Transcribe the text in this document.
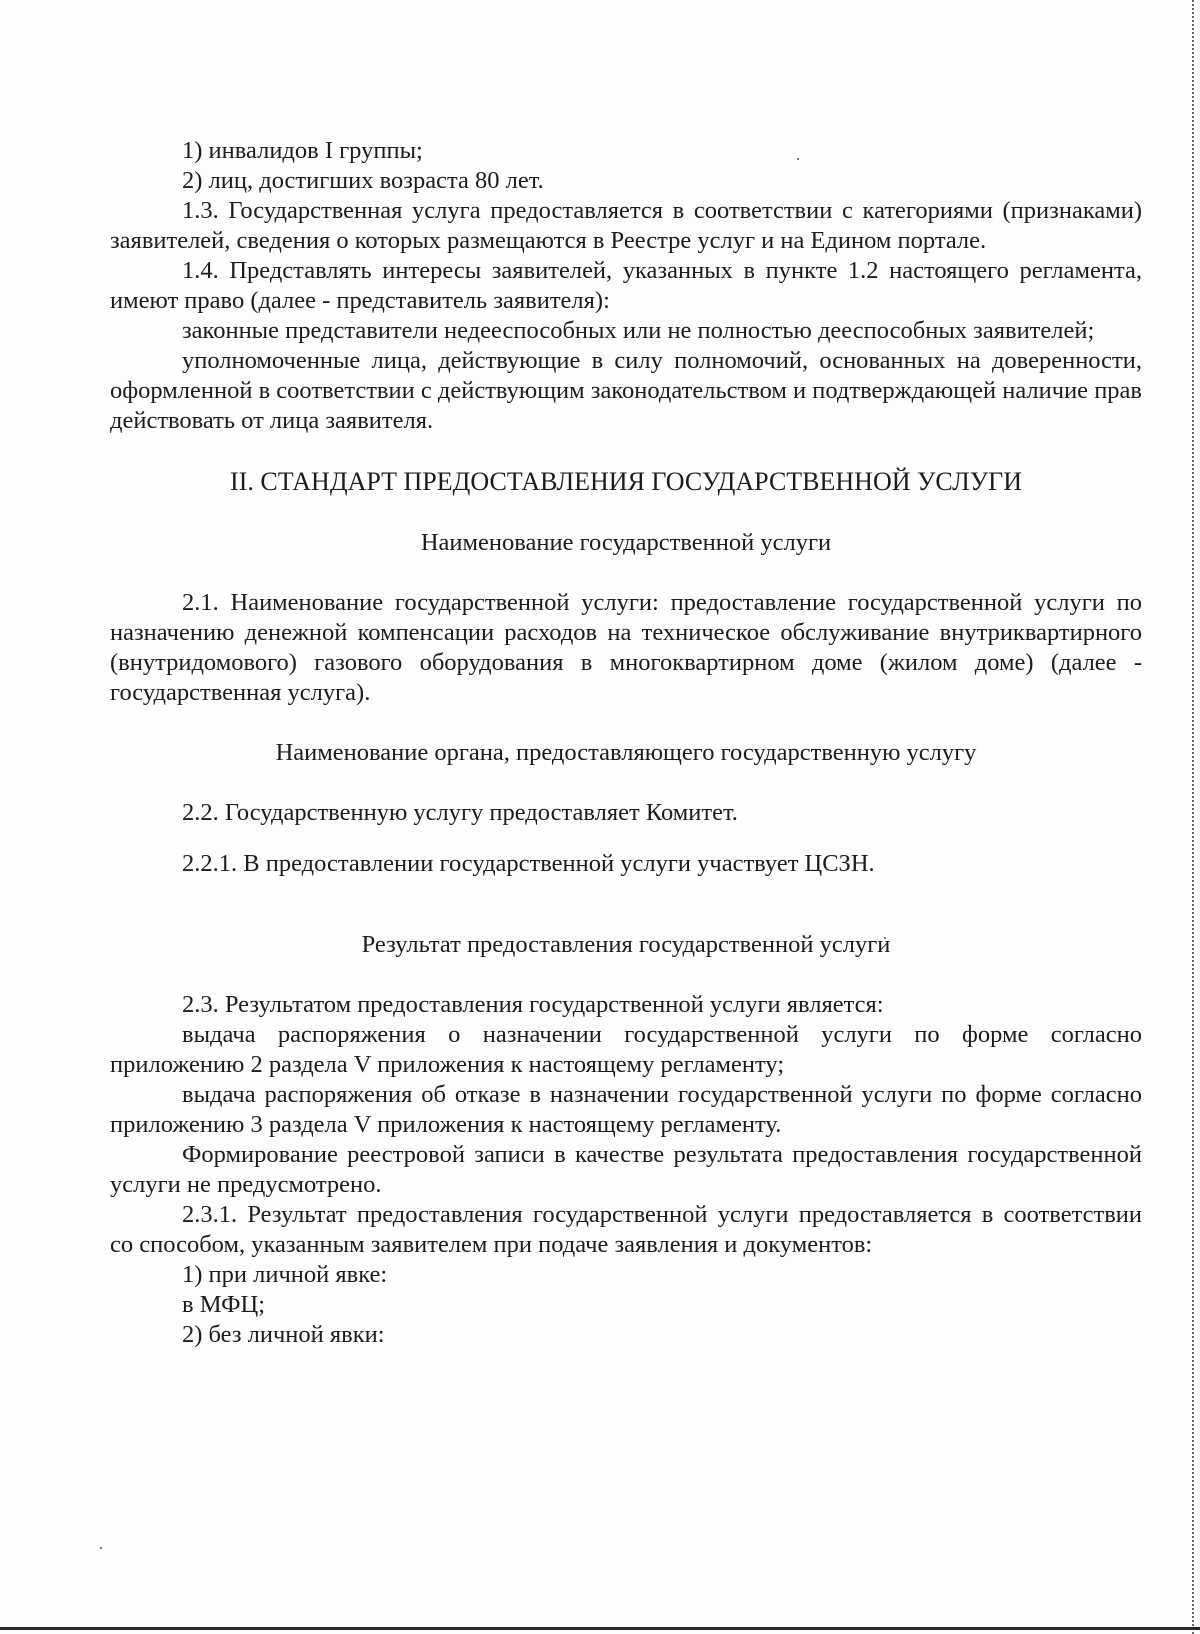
1) инвалидов I группы;

2) лиц, достигших возраста 80 лет.

1.3. Государственная услуга предоставляется в соответствии с категориями (признаками) заявителей, сведения о которых размещаются в Реестре услуг и на Едином портале.

1.4. Представлять интересы заявителей, указанных в пункте 1.2 настоящего регламента, имеют право (далее - представитель заявителя):

законные представители недееспособных или не полностью дееспособных заявителей;

уполномоченные лица, действующие в силу полномочий, основанных на доверенности, оформленной в соответствии с действующим законодательством и подтверждающей наличие прав действовать от лица заявителя.

II. СТАНДАРТ ПРЕДОСТАВЛЕНИЯ ГОСУДАРСТВЕННОЙ УСЛУГИ

Наименование государственной услуги

2.1. Наименование государственной услуги: предоставление государственной услуги по назначению денежной компенсации расходов на техническое обслуживание внутриквартирного (внутридомового) газового оборудования в многоквартирном доме (жилом доме) (далее - государственная услуга).

Наименование органа, предоставляющего государственную услугу

2.2. Государственную услугу предоставляет Комитет.

2.2.1. В предоставлении государственной услуги участвует ЦСЗН.

Результат предоставления государственной услуги

2.3. Результатом предоставления государственной услуги является:

выдача распоряжения о назначении государственной услуги по форме согласно приложению 2 раздела V приложения к настоящему регламенту;

выдача распоряжения об отказе в назначении государственной услуги по форме согласно приложению 3 раздела V приложения к настоящему регламенту.

Формирование реестровой записи в качестве результата предоставления государственной услуги не предусмотрено.

2.3.1. Результат предоставления государственной услуги предоставляется в соответствии со способом, указанным заявителем при подаче заявления и документов:

1) при личной явке:

в МФЦ;

2) без личной явки:
